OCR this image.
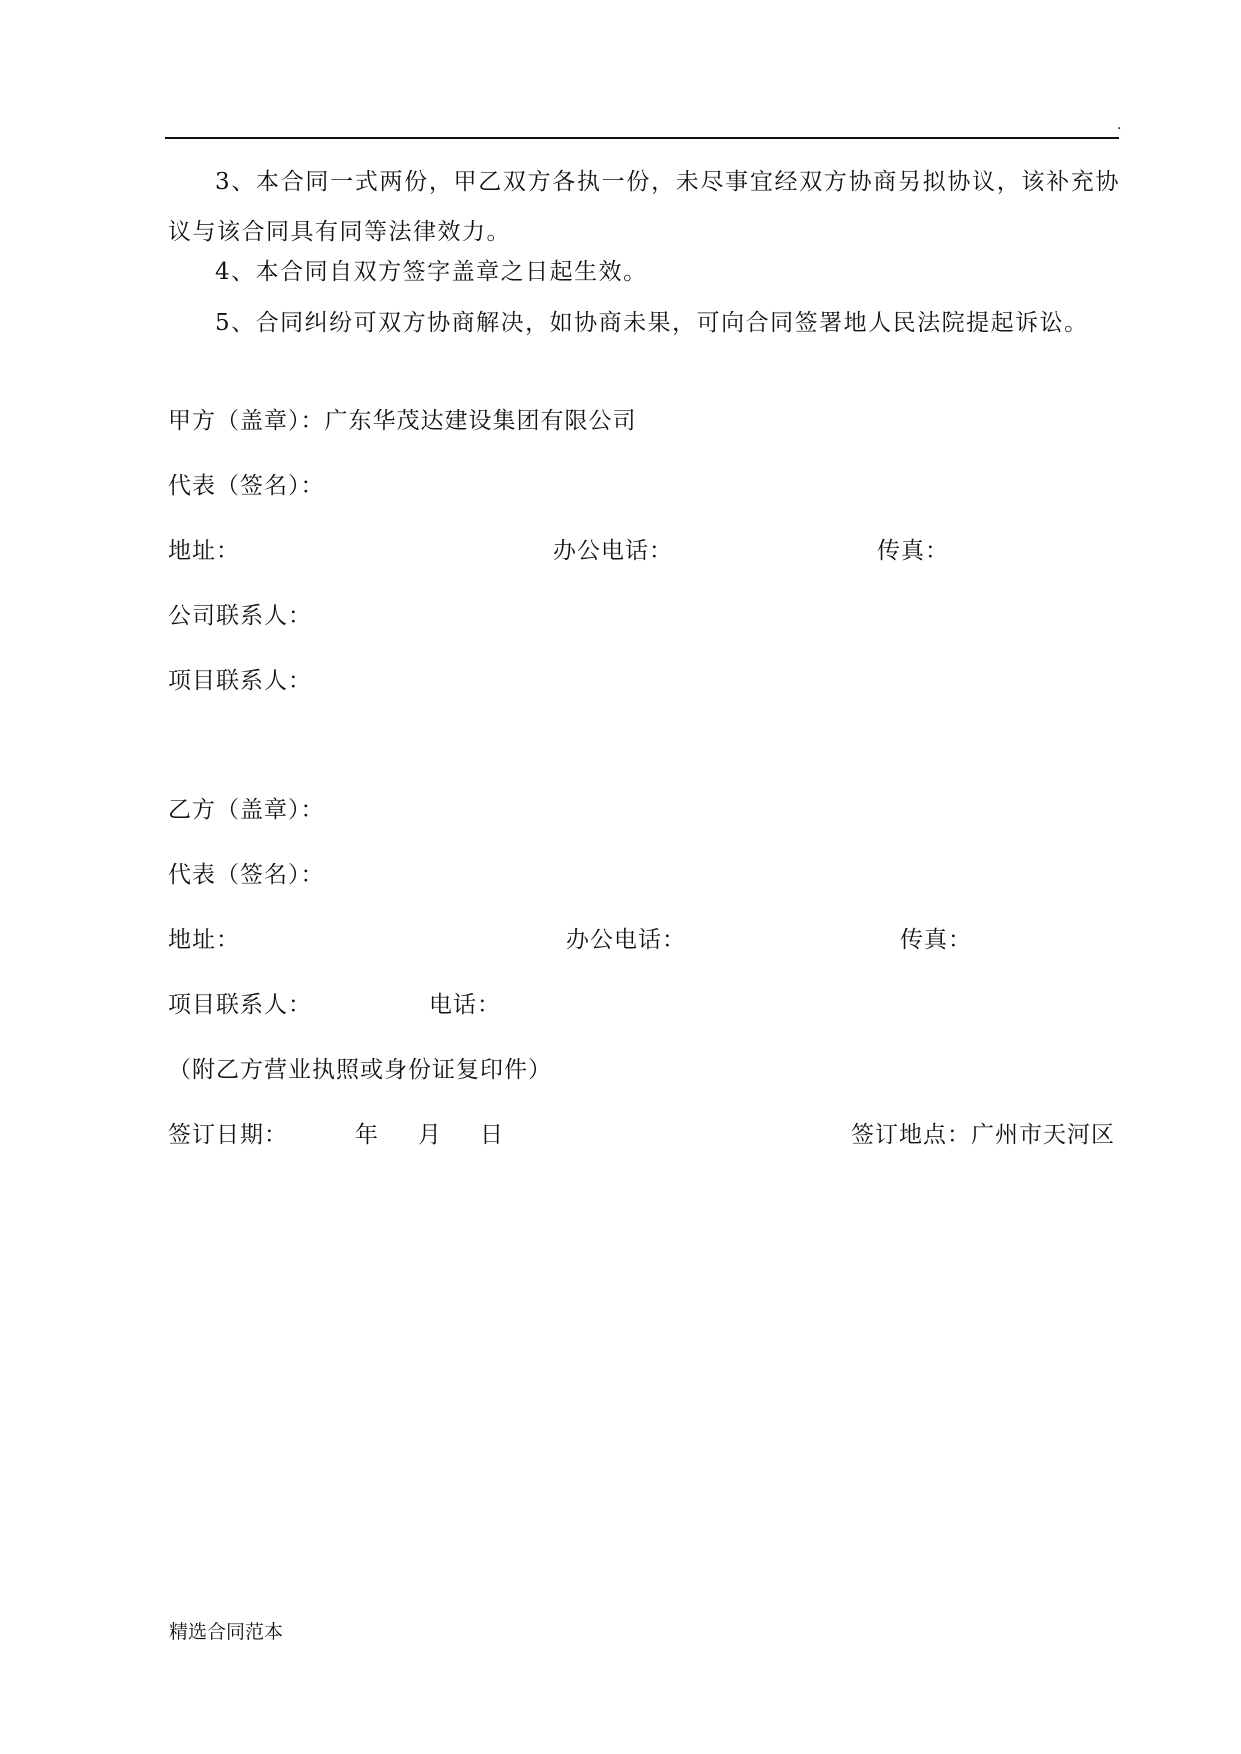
.
3、本合同一式两份，甲乙双方各执一份，未尽事宜经双方协商另拟协议，该补充协议与该合同具有同等法律效力。
4、本合同自双方签字盖章之日起生效。
5、合同纠纷可双方协商解决，如协商未果，可向合同签署地人民法院提起诉讼。
甲方（盖章）：广东华茂达建设集团有限公司
代表（签名）：
地址：	办公电话：	传真：
公司联系人：
项目联系人：
乙方（盖章）：
代表（签名）：
地址：	办公电话：	传真：
项目联系人：	电话：
（附乙方营业执照或身份证复印件）
签订日期：	年 月 日	签订地点：广州市天河区
精选合同范本
